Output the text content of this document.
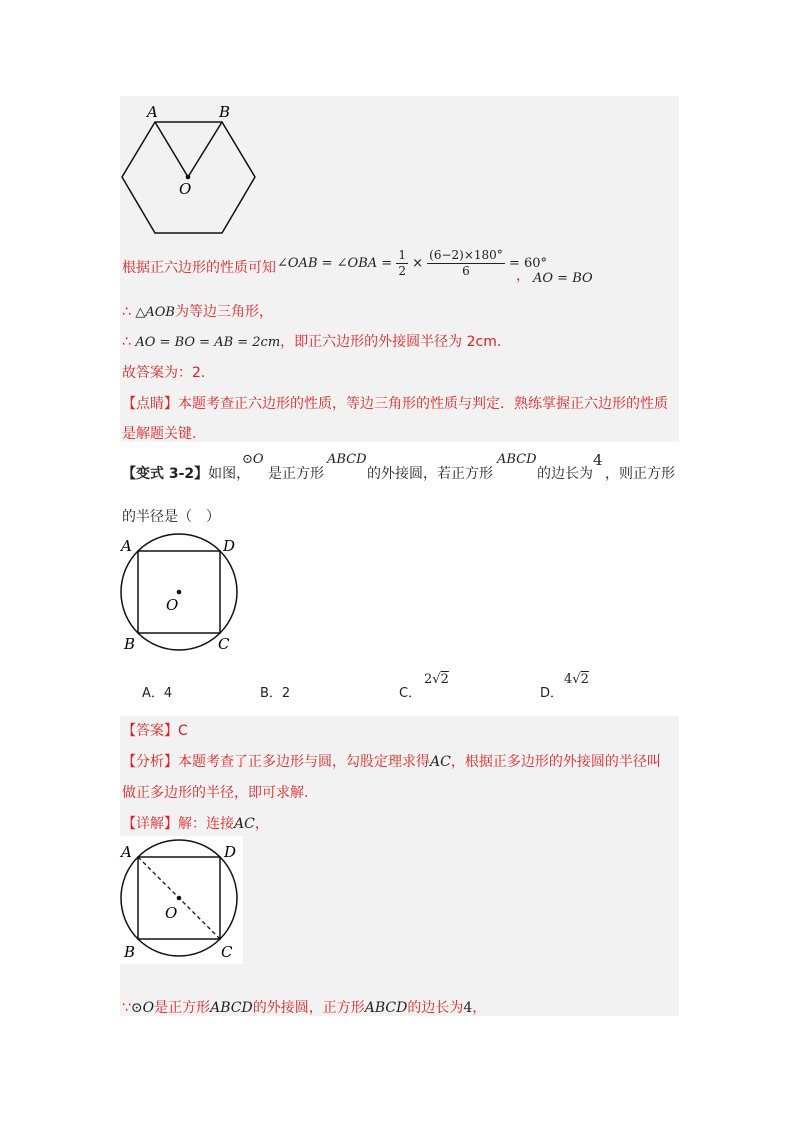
A	B
O
根据正六边形的性质可知 ∠OAB = ∠OBA = $\frac{1}{2} \times \frac{(6-2)\times 180^\circ}{6} = 60^\circ$
， AO = BO
∴ △AOB为等边三角形，
∴ AO = BO = AB = 2cm，即正六边形的外接圆半径为 2cm.
故答案为：2.
【点睛】本题考查正六边形的性质，等边三角形的性质与判定．熟练掌握正六边形的性质
是解题关键.
【变式 3-2】如图，
⊙O
是正方形
ABCD
的外接圆，若正方形
ABCD
的边长为
4
，则正方形
的半径是（　）
A	D
B	C
O
A．4	B．2	C．
2√2
D．
4√2
【答案】C
【分析】本题考查了正多边形与圆，勾股定理求得AC，根据正多边形的外接圆的半径叫
做正多边形的半径，即可求解.
【详解】解：连接AC，
A	D
B	C
O
∵⊙O是正方形ABCD的外接圆，正方形ABCD的边长为4，
